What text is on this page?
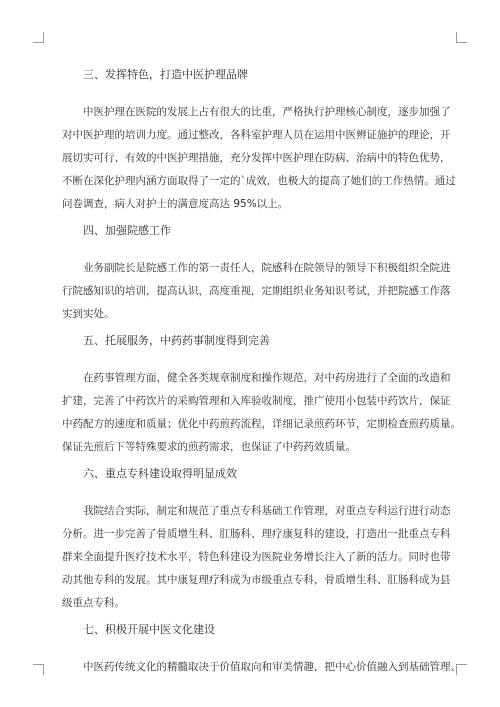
三、发挥特色，打造中医护理品牌
中医护理在医院的发展上占有很大的比重，严格执行护理核心制度，逐步加强了
对中医护理的培训力度。通过整改，各科室护理人员在运用中医辨证施护的理论，开
展切实可行、有效的中医护理措施，充分发挥中医护理在防病、治病中的特色优势，
不断在深化护理内涵方面取得了一定的`成效，也极大的提高了她们的工作热情。通过
问卷调查，病人对护士的满意度高达 95%以上。
四、加强院感工作
业务副院长是院感工作的第一责任人，院感科在院领导的领导下积极组织全院进
行院感知识的培训，提高认识，高度重视，定期组织业务知识考试，并把院感工作落
实到实处。
五、托展服务，中药药事制度得到完善
在药事管理方面，健全各类规章制度和操作规范，对中药房进行了全面的改造和
扩建，完善了中药饮片的采购管理和入库验收制度，推广使用小包装中药饮片，保证
中药配方的速度和质量；优化中药煎药流程，详细记录煎药环节，定期检查煎药质量。
保证先煎后下等特殊要求的煎药需求，也保证了中药药效质量。
六、重点专科建设取得明显成效
我院结合实际，制定和规范了重点专科基础工作管理，对重点专科运行进行动态
分析。进一步完善了骨质增生科、肛肠科、理疗康复科的建设，打造出一批重点专科
群来全面提升医疗技术水平，特色科建设为医院业务增长注入了新的活力。同时也带
动其他专科的发展。其中康复理疗科成为市级重点专科，骨质增生科、肛肠科成为县
级重点专科。
七、积极开展中医文化建设
中医药传统文化的精髓取决于价值取向和审美情趣，把中心价值融入到基础管理、
